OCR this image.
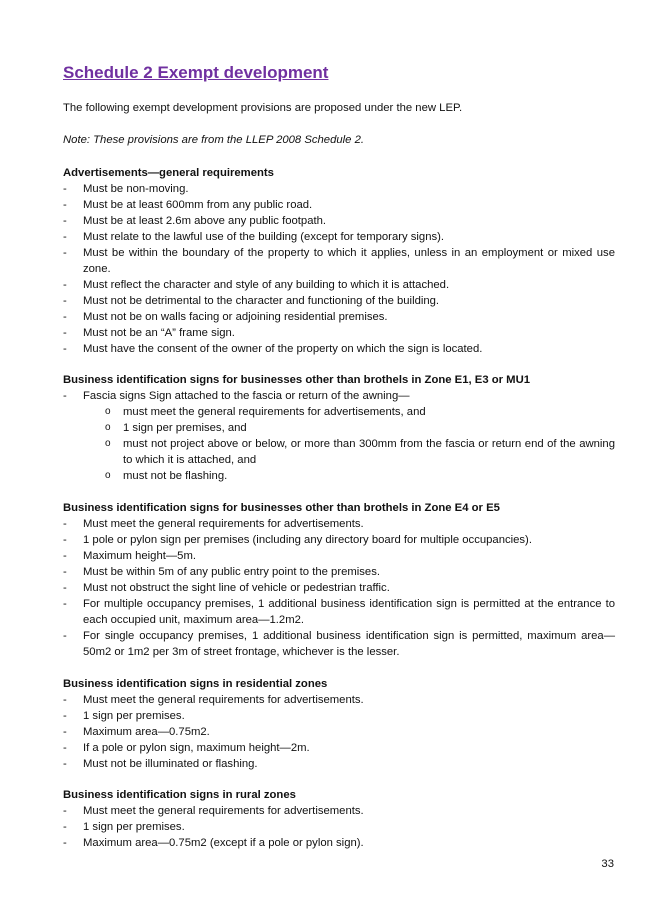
Schedule 2 Exempt development
The following exempt development provisions are proposed under the new LEP.
Note: These provisions are from the LLEP 2008 Schedule 2.
Advertisements—general requirements
- Must be non-moving.
- Must be at least 600mm from any public road.
- Must be at least 2.6m above any public footpath.
- Must relate to the lawful use of the building (except for temporary signs).
- Must be within the boundary of the property to which it applies, unless in an employment or mixed use zone.
- Must reflect the character and style of any building to which it is attached.
- Must not be detrimental to the character and functioning of the building.
- Must not be on walls facing or adjoining residential premises.
- Must not be an “A” frame sign.
- Must have the consent of the owner of the property on which the sign is located.
Business identification signs for businesses other than brothels in Zone E1, E3 or MU1
- Fascia signs Sign attached to the fascia or return of the awning—
o must meet the general requirements for advertisements, and
o 1 sign per premises, and
o must not project above or below, or more than 300mm from the fascia or return end of the awning to which it is attached, and
o must not be flashing.
Business identification signs for businesses other than brothels in Zone E4 or E5
- Must meet the general requirements for advertisements.
- 1 pole or pylon sign per premises (including any directory board for multiple occupancies).
- Maximum height—5m.
- Must be within 5m of any public entry point to the premises.
- Must not obstruct the sight line of vehicle or pedestrian traffic.
- For multiple occupancy premises, 1 additional business identification sign is permitted at the entrance to each occupied unit, maximum area—1.2m2.
- For single occupancy premises, 1 additional business identification sign is permitted, maximum area—50m2 or 1m2 per 3m of street frontage, whichever is the lesser.
Business identification signs in residential zones
- Must meet the general requirements for advertisements.
- 1 sign per premises.
- Maximum area—0.75m2.
- If a pole or pylon sign, maximum height—2m.
- Must not be illuminated or flashing.
Business identification signs in rural zones
- Must meet the general requirements for advertisements.
- 1 sign per premises.
- Maximum area—0.75m2 (except if a pole or pylon sign).
33
